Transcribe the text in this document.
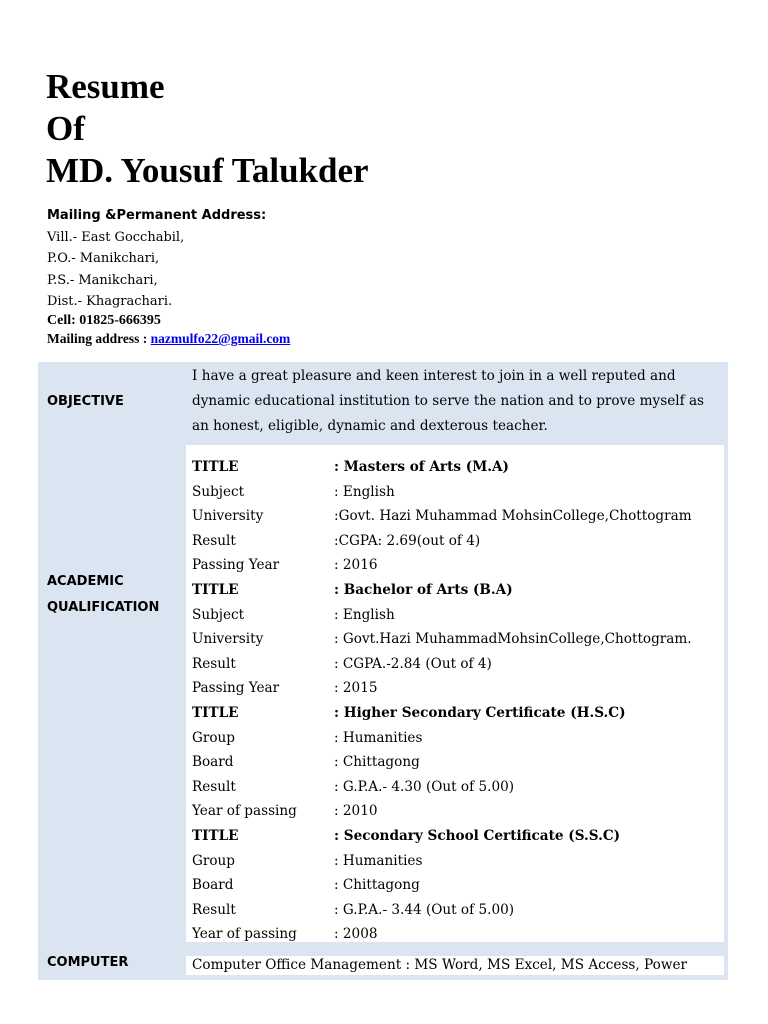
Resume
Of
MD. Yousuf Talukder
Mailing &Permanent Address:
Vill.- East Gocchabil,
P.O.- Manikchari,
P.S.- Manikchari,
Dist.- Khagrachari.
Cell: 01825-666395
Mailing address : nazmulfo22@gmail.com
OBJECTIVE
I have a great pleasure and keen interest to join in a well reputed and dynamic educational institution to serve the nation and to prove myself as an honest, eligible, dynamic and dexterous teacher.
ACADEMIC
QUALIFICATION
TITLE	: Masters of Arts (M.A)
Subject	: English
University	:Govt. Hazi Muhammad MohsinCollege,Chottogram
Result	:CGPA: 2.69(out of 4)
Passing Year	: 2016
TITLE	: Bachelor of Arts (B.A)
Subject	: English
University	: Govt.Hazi MuhammadMohsinCollege,Chottogram.
Result	: CGPA.-2.84 (Out of 4)
Passing Year	: 2015
TITLE	: Higher Secondary Certificate (H.S.C)
Group	: Humanities
Board	: Chittagong
Result	: G.P.A.- 4.30 (Out of 5.00)
Year of passing	: 2010
TITLE	: Secondary School Certificate (S.S.C)
Group	: Humanities
Board	: Chittagong
Result	: G.P.A.- 3.44 (Out of 5.00)
Year of passing	: 2008
COMPUTER	Computer Office Management : MS Word, MS Excel, MS Access, Power
